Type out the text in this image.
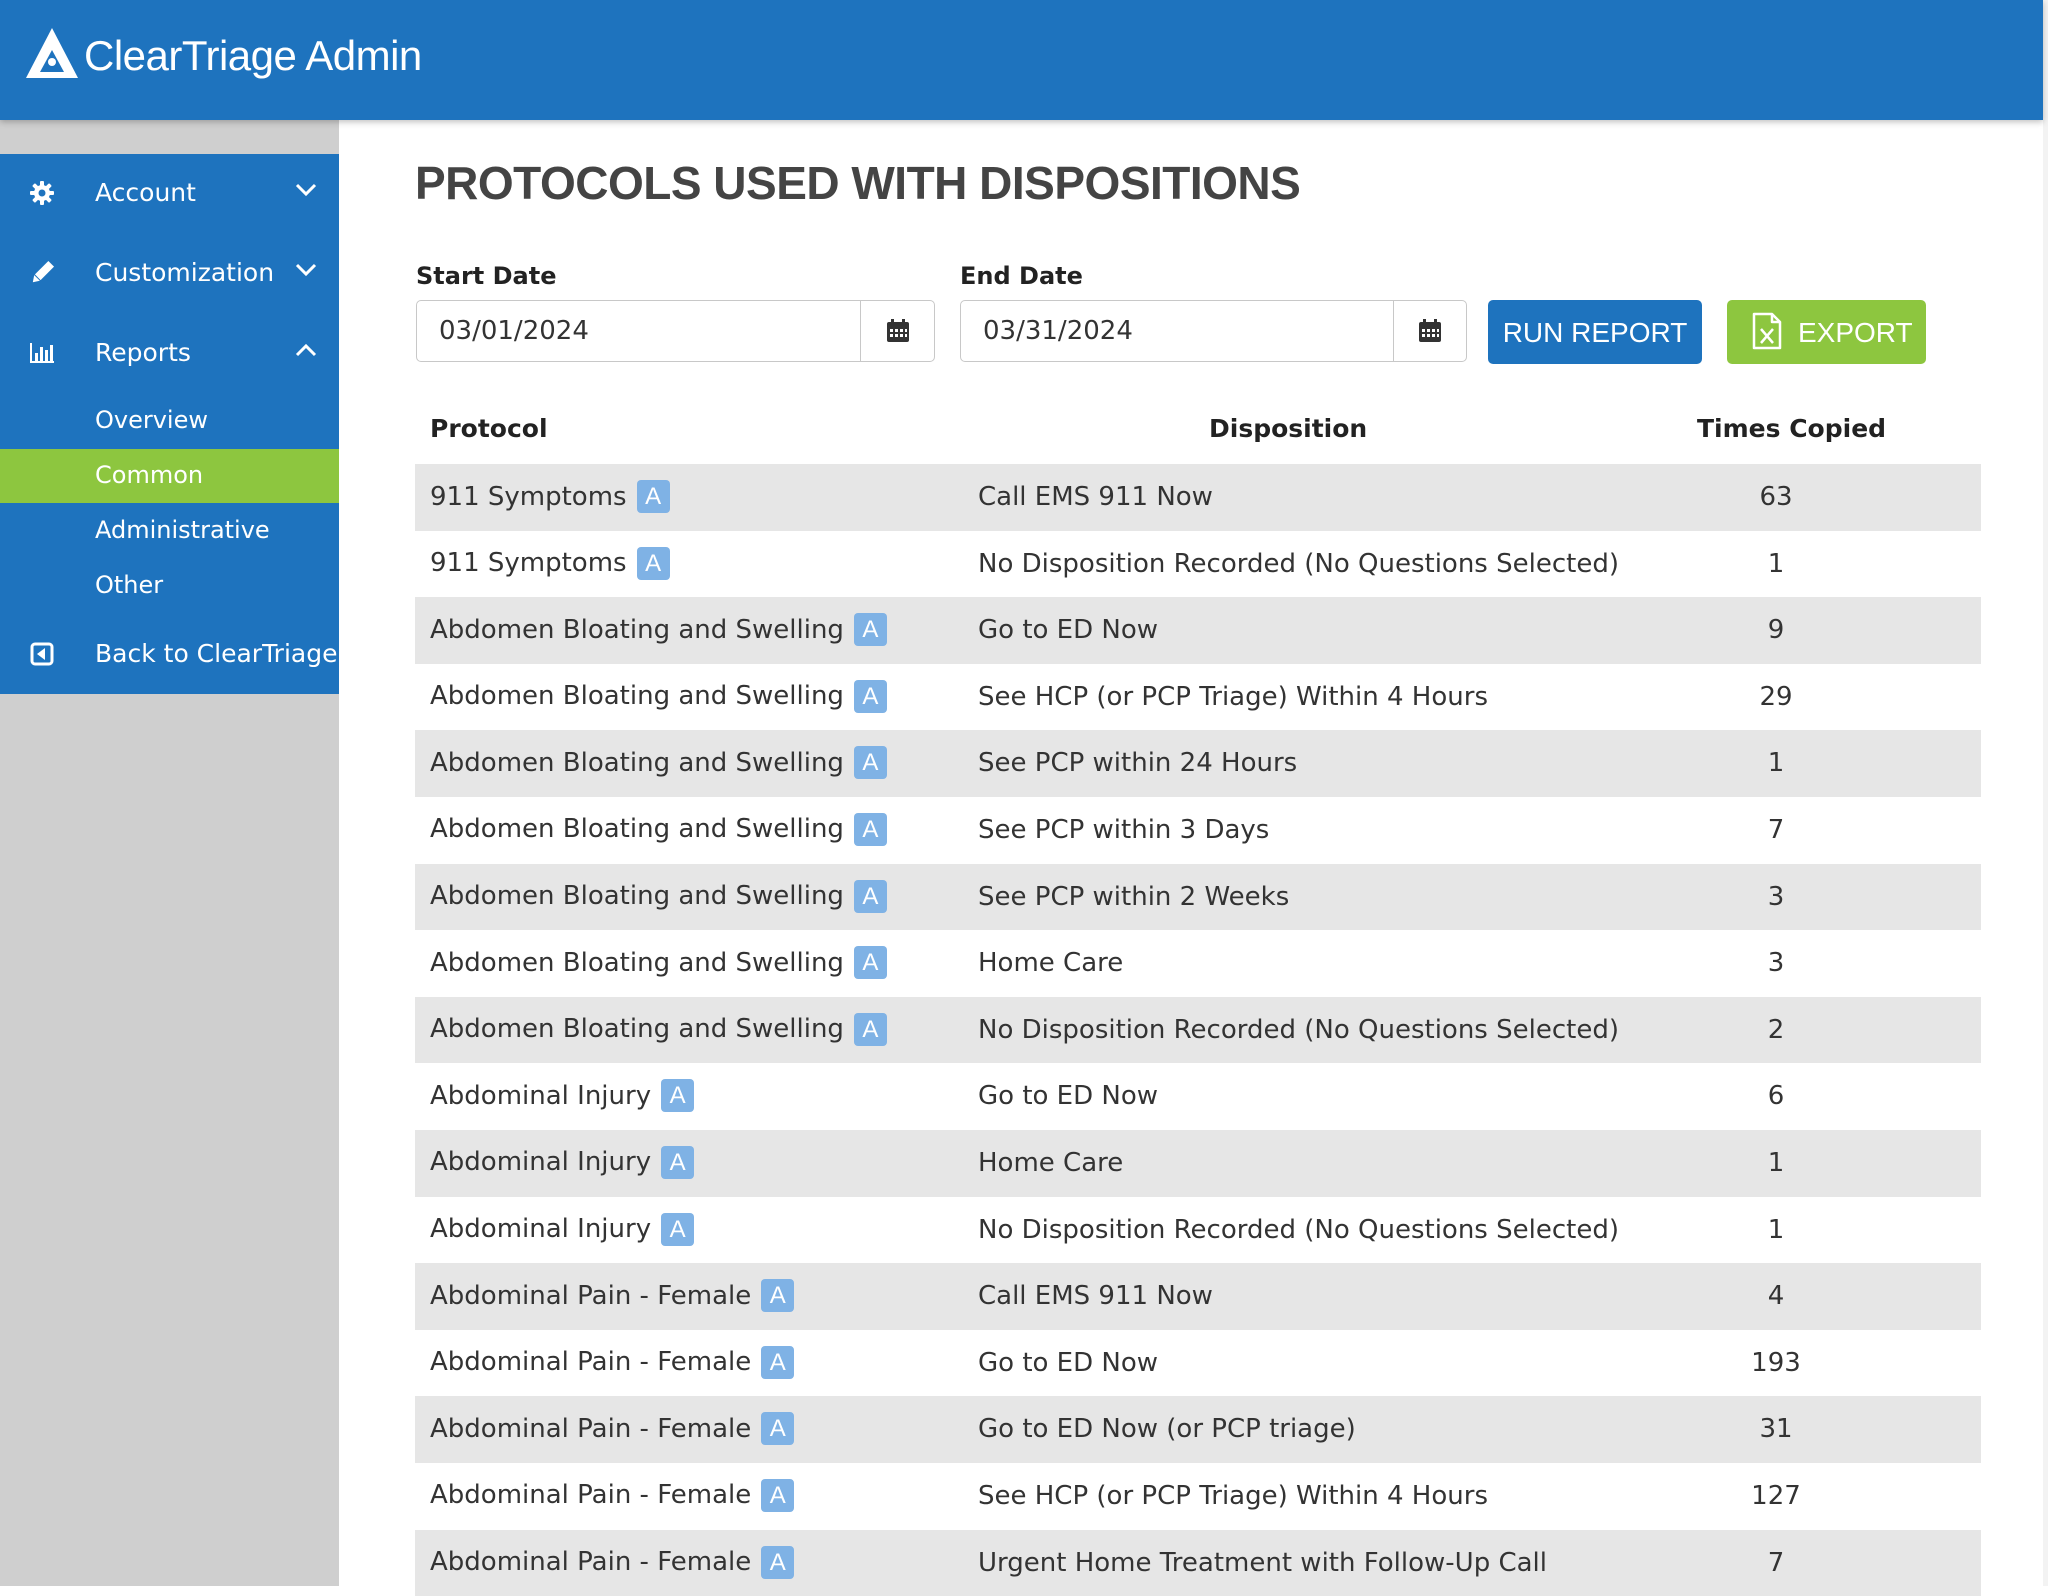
ClearTriage Admin
Account
Customization
Reports
Overview
Common
Administrative
Other
Back to ClearTriage
PROTOCOLS USED WITH DISPOSITIONS
Start Date
03/01/2024	End Date
03/31/2024
RUN REPORT	EXPORT
Protocol	Disposition	Times Copied
911 Symptoms A	Call EMS 911 Now	63
911 Symptoms A	No Disposition Recorded (No Questions Selected)	1
Abdomen Bloating and Swelling A	Go to ED Now	9
Abdomen Bloating and Swelling A	See HCP (or PCP Triage) Within 4 Hours	29
Abdomen Bloating and Swelling A	See PCP within 24 Hours	1
Abdomen Bloating and Swelling A	See PCP within 3 Days	7
Abdomen Bloating and Swelling A	See PCP within 2 Weeks	3
Abdomen Bloating and Swelling A	Home Care	3
Abdomen Bloating and Swelling A	No Disposition Recorded (No Questions Selected)	2
Abdominal Injury A	Go to ED Now	6
Abdominal Injury A	Home Care	1
Abdominal Injury A	No Disposition Recorded (No Questions Selected)	1
Abdominal Pain - Female A	Call EMS 911 Now	4
Abdominal Pain - Female A	Go to ED Now	193
Abdominal Pain - Female A	Go to ED Now (or PCP triage)	31
Abdominal Pain - Female A	See HCP (or PCP Triage) Within 4 Hours	127
Abdominal Pain - Female A	Urgent Home Treatment with Follow-Up Call	7
